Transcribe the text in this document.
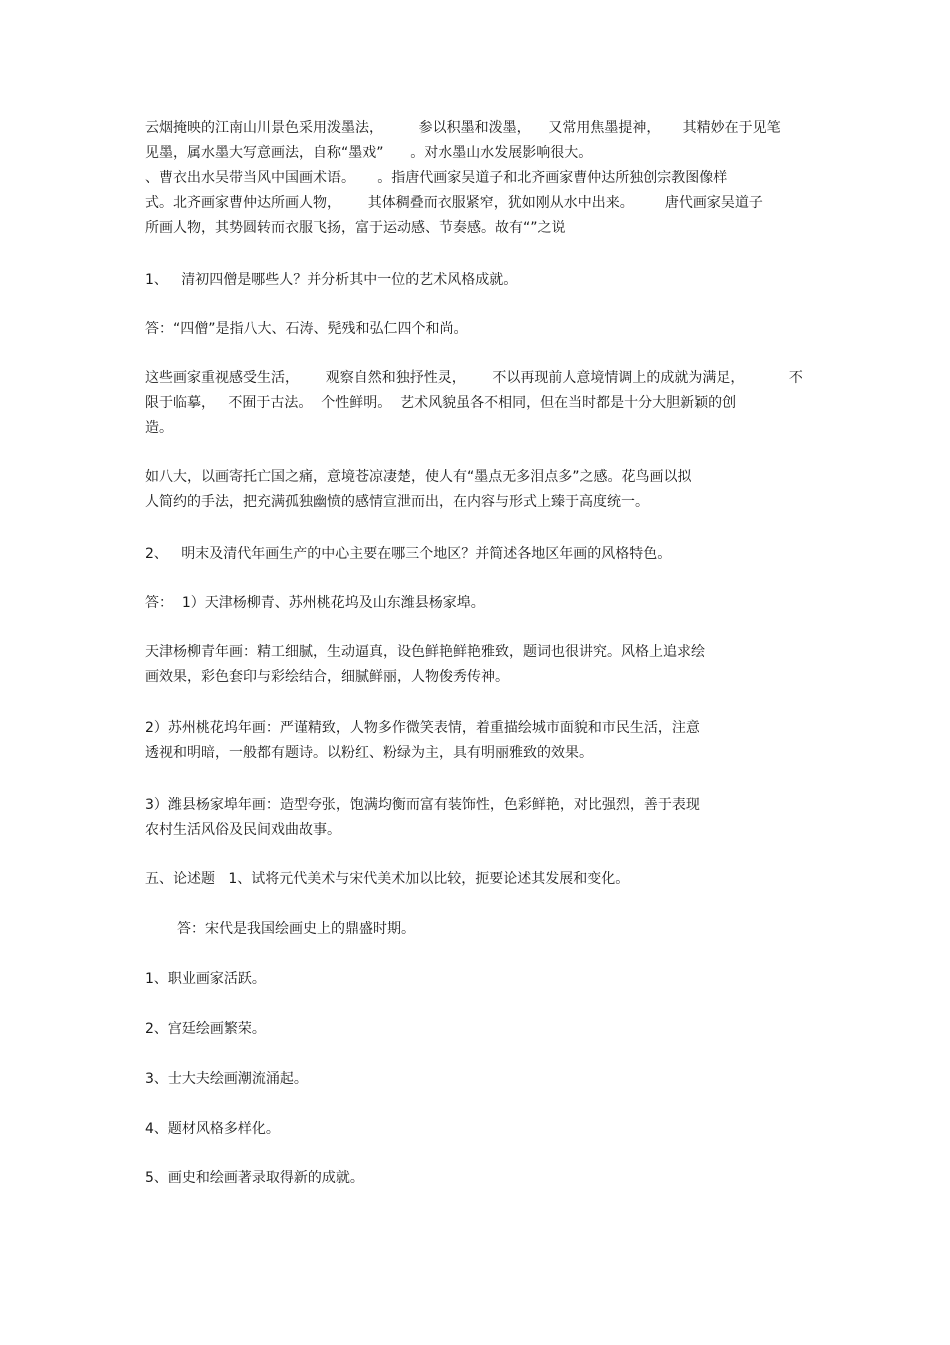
云烟掩映的江南山川景色采用泼墨法，        参以积墨和泼墨，    又常用焦墨提神，     其精妙在于见笔
见墨，属水墨大写意画法，自称“墨戏”      。对水墨山水发展影响很大。
、曹衣出水吴带当风中国画术语。     。指唐代画家吴道子和北齐画家曹仲达所独创宗教图像样
式。北齐画家曹仲达所画人物，      其体稠叠而衣服紧窄，犹如刚从水中出来。       唐代画家吴道子
所画人物，其势圆转而衣服飞扬，富于运动感、节奏感。故有“”之说
1、   清初四僧是哪些人？并分析其中一位的艺术风格成就。
答：“四僧”是指八大、石涛、髡残和弘仁四个和尚。
这些画家重视感受生活，      观察自然和独抒性灵，      不以再现前人意境情调上的成就为满足，          不
限于临摹，   不囿于古法。  个性鲜明。  艺术风貌虽各不相同，但在当时都是十分大胆新颖的创
造。
如八大，以画寄托亡国之痛，意境苍凉凄楚，使人有“墨点无多泪点多”之感。花鸟画以拟
人简约的手法，把充满孤独幽愤的感情宣泄而出，在内容与形式上臻于高度统一。
2、   明末及清代年画生产的中心主要在哪三个地区？并简述各地区年画的风格特色。
答：  1）天津杨柳青、苏州桃花坞及山东潍县杨家埠。
天津杨柳青年画：精工细腻，生动逼真，设色鲜艳鲜艳雅致，题词也很讲究。风格上追求绘
画效果，彩色套印与彩绘结合，细腻鲜丽，人物俊秀传神。
2）苏州桃花坞年画：严谨精致，人物多作微笑表情，着重描绘城市面貌和市民生活，注意
透视和明暗，一般都有题诗。以粉红、粉绿为主，具有明丽雅致的效果。
3）潍县杨家埠年画：造型夸张，饱满均衡而富有装饰性，色彩鲜艳，对比强烈，善于表现
农村生活风俗及民间戏曲故事。
五、论述题   1、试将元代美术与宋代美术加以比较，扼要论述其发展和变化。
答：宋代是我国绘画史上的鼎盛时期。
1、职业画家活跃。
2、宫廷绘画繁荣。
3、士大夫绘画潮流涌起。
4、题材风格多样化。
5、画史和绘画著录取得新的成就。
